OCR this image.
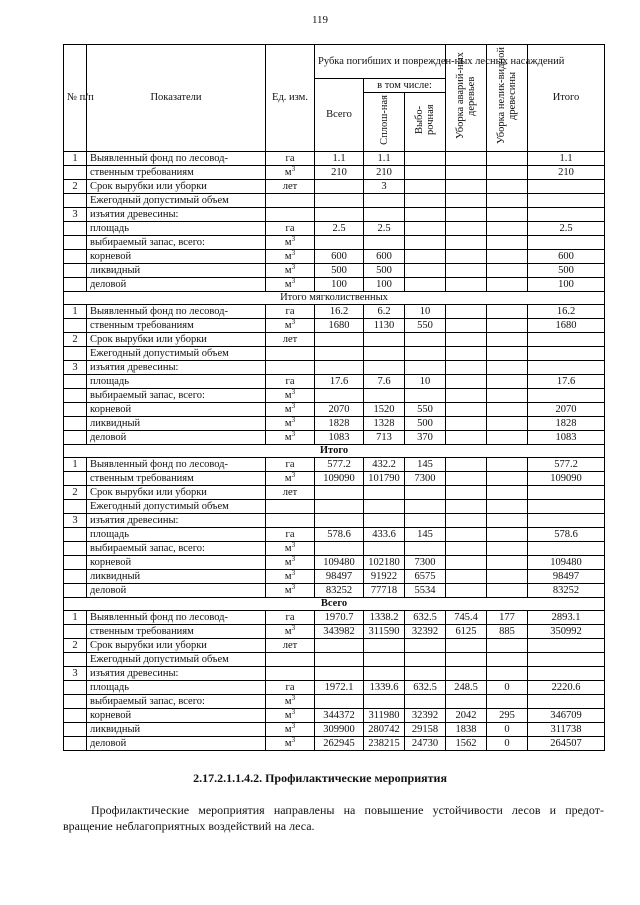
119
№ п/п	Показатели	Ед. изм.	Рубка погибших и поврежден-ных лесных насаждений			Уборка аварий-ных деревьев	Уборка нелик-видной древесины	Итого
			Всего	в том числе:				
				Сплош-ная	Выбо-рочная			
1	Выявленный фонд по лесовод-	га	1.1	1.1				1.1
	ственным требованиям	$м^3$	210	210				210
2	Срок вырубки или уборки	лет		3				
	Ежегодный допустимый объем							
3	изъятия древесины:							
	площадь	га	2.5	2.5				2.5
	выбираемый запас, всего:	$м^3$						
	корневой	$м^3$	600	600				600
	ликвидный	$м^3$	500	500				500
	деловой	$м^3$	100	100				100
Итого мягколиственных								
1	Выявленный фонд по лесовод-	га	16.2	6.2	10			16.2
	ственным требованиям	$м^3$	1680	1130	550			1680
2	Срок вырубки или уборки	лет						
	Ежегодный допустимый объем							
3	изъятия древесины:							
	площадь	га	17.6	7.6	10			17.6
	выбираемый запас, всего:	$м^3$						
	корневой	$м^3$	2070	1520	550			2070
	ликвидный	$м^3$	1828	1328	500			1828
	деловой	$м^3$	1083	713	370			1083
Итого								
1	Выявленный фонд по лесовод-	га	577.2	432.2	145			577.2
	ственным требованиям	$м^3$	109090	101790	7300			109090
2	Срок вырубки или уборки	лет						
	Ежегодный допустимый объем							
3	изъятия древесины:							
	площадь	га	578.6	433.6	145			578.6
	выбираемый запас, всего:	$м^3$						
	корневой	$м^3$	109480	102180	7300			109480
	ликвидный	$м^3$	98497	91922	6575			98497
	деловой	$м^3$	83252	77718	5534			83252
Всего								
1	Выявленный фонд по лесовод-	га	1970.7	1338.2	632.5	745.4	177	2893.1
	ственным требованиям	$м^3$	343982	311590	32392	6125	885	350992
2	Срок вырубки или уборки	лет						
	Ежегодный допустимый объем							
3	изъятия древесины:							
	площадь	га	1972.1	1339.6	632.5	248.5	0	2220.6
	выбираемый запас, всего:	$м^3$						
	корневой	$м^3$	344372	311980	32392	2042	295	346709
	ликвидный	$м^3$	309900	280742	29158	1838	0	311738
	деловой	$м^3$	262945	238215	24730	1562	0	264507
2.17.2.1.1.4.2. Профилактические мероприятия
Профилактические мероприятия направлены на повышение устойчивости лесов и предот-вращение неблагоприятных воздействий на леса.
